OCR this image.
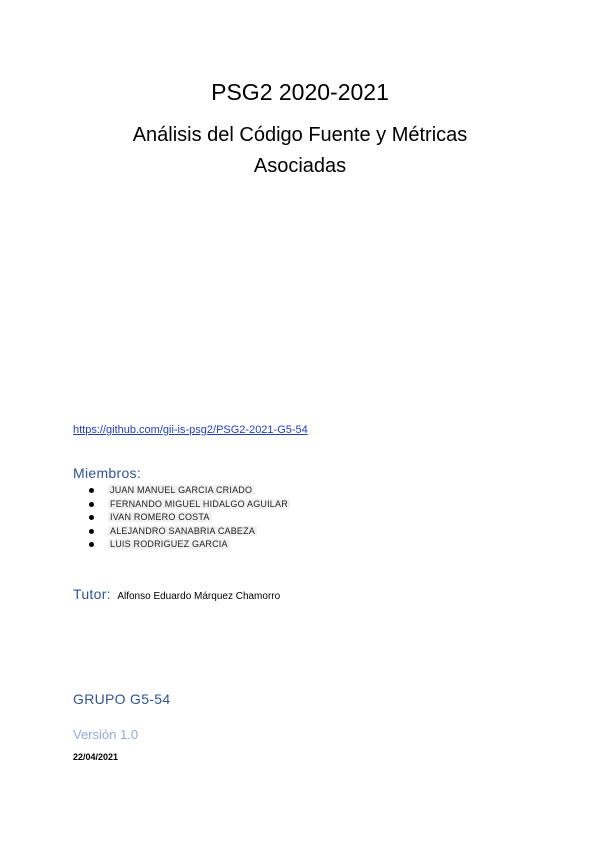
PSG2 2020-2021
Análisis del Código Fuente y Métricas
Asociadas
https://github.com/gii-is-psg2/PSG2-2021-G5-54
Miembros:
JUAN MANUEL GARCIA CRIADO
FERNANDO MIGUEL HIDALGO AGUILAR
IVAN ROMERO COSTA
ALEJANDRO SANABRIA CABEZA
LUIS RODRIGUEZ GARCIA
Tutor: Alfonso Eduardo Márquez Chamorro
GRUPO G5-54
Versión 1.0
22/04/2021
